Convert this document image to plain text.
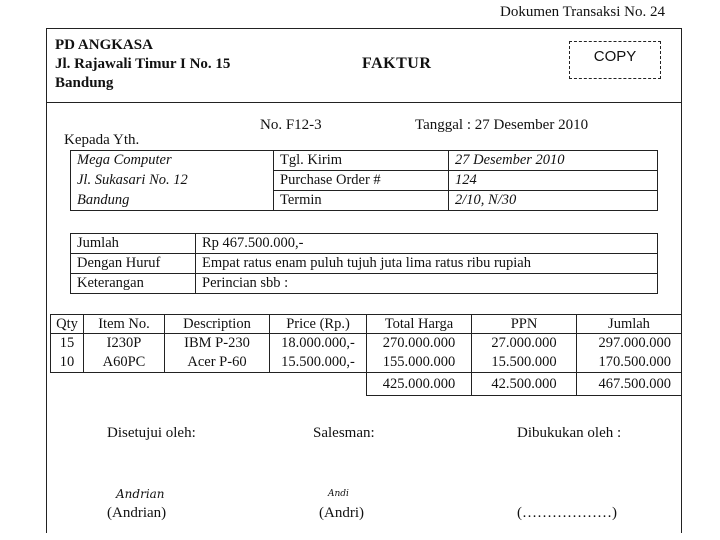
Dokumen Transaksi No. 24
PD ANGKASA
Jl. Rajawali Timur I No. 15
Bandung
FAKTUR	COPY
No. F12-3	Tanggal : 27 Desember 2010
Kepada Yth.
Mega Computer	Tgl. Kirim	27 Desember 2010
Jl. Sukasari No. 12	Purchase Order #	124
Bandung	Termin	2/10, N/30
Jumlah	Rp 467.500.000,-
Dengan Huruf	Empat ratus enam puluh tujuh juta lima ratus ribu rupiah
Keterangan	Perincian sbb :
Qty	Item No.	Description	Price (Rp.)	Total Harga	PPN	Jumlah
15	I230P	IBM P-230	18.000.000,-	270.000.000	27.000.000	297.000.000
10	A60PC	Acer P-60	15.500.000,-	155.000.000	15.500.000	170.500.000
				425.000.000	42.500.000	467.500.000
Disetujui oleh:	Salesman:	Dibukukan oleh :
Andrian	Andi
(Andrian)	(Andri)	(………………)
